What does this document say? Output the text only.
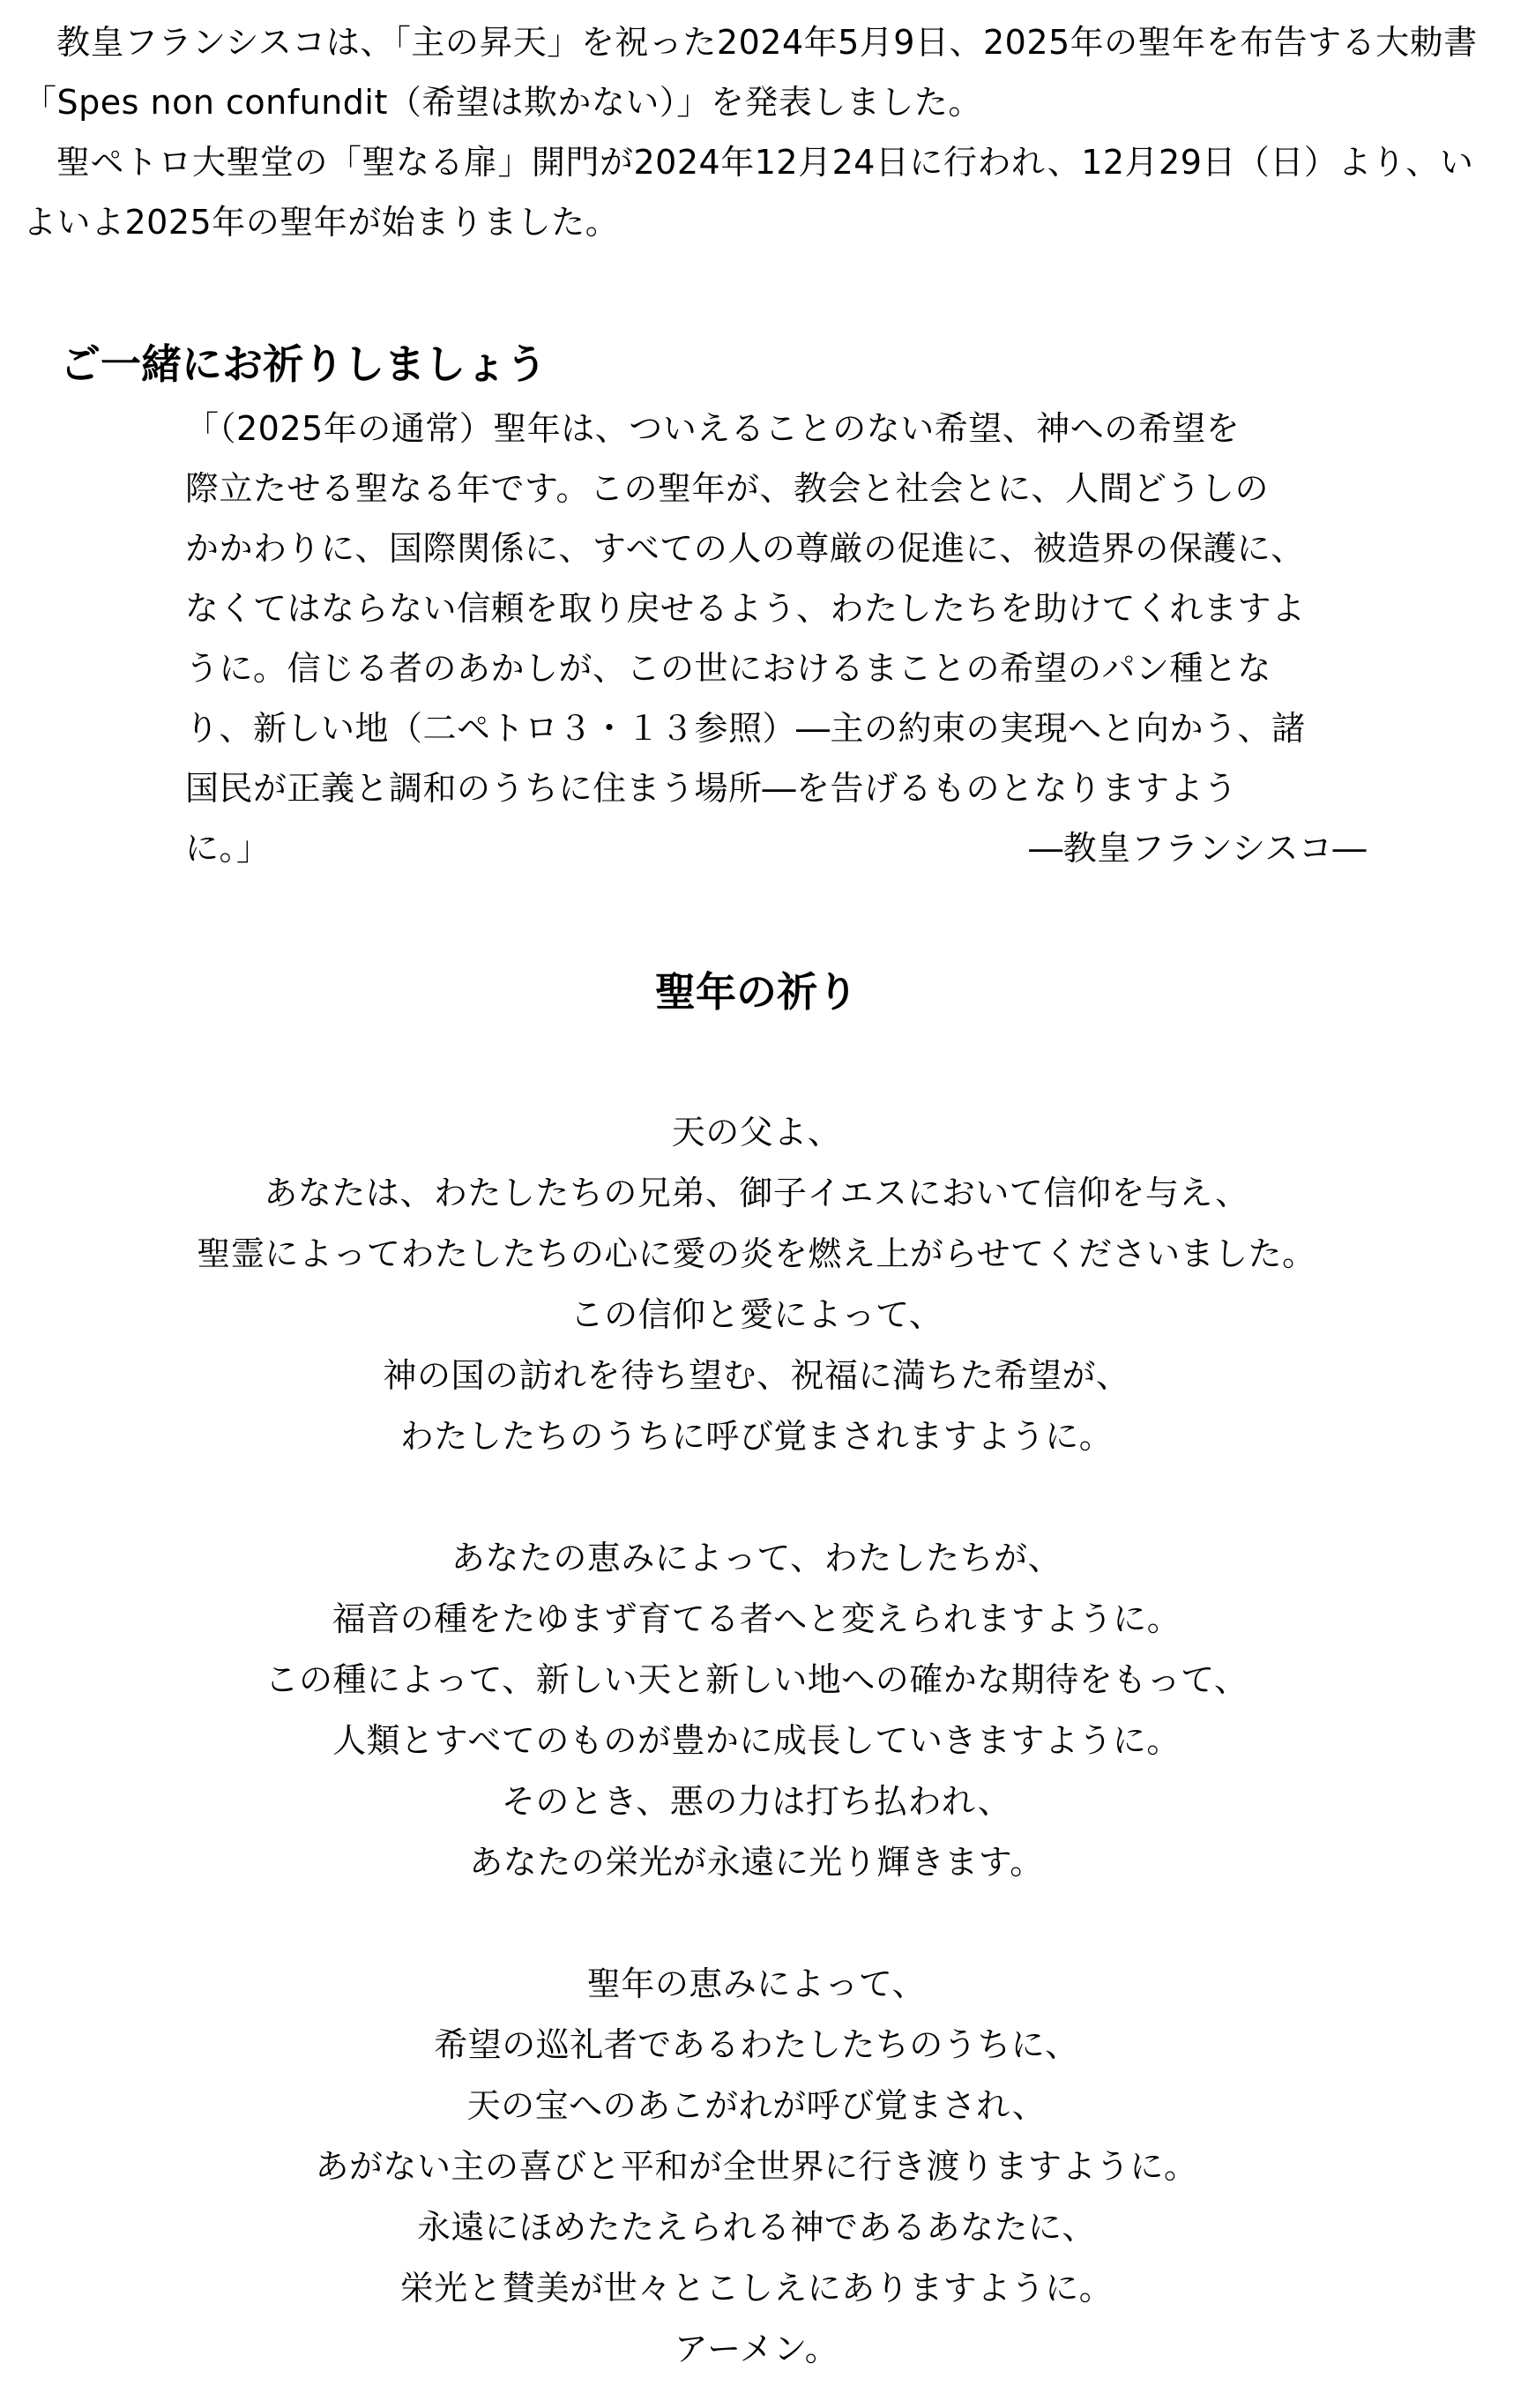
教皇フランシスコは、「主の昇天」を祝った2024年5月9日、2025年の聖年を布告する大勅書「Spes non confundit（希望は欺かない）」を発表しました。

聖ペトロ大聖堂の「聖なる扉」開門が2024年12月24日に行われ、12月29日（日）より、いよいよ2025年の聖年が始まりました。

ご一緒にお祈りしましょう
「（2025年の通常）聖年は、ついえることのない希望、神への希望を
際立たせる聖なる年です。この聖年が、教会と社会とに、人間どうしの
かかわりに、国際関係に、すべての人の尊厳の促進に、被造界の保護に、
なくてはならない信頼を取り戻せるよう、わたしたちを助けてくれますよ
うに。信じる者のあかしが、この世におけるまことの希望のパン種とな
り、新しい地（二ペトロ３・１３参照）―主の約束の実現へと向かう、諸
国民が正義と調和のうちに住まう場所―を告げるものとなりますよう
に。」	―教皇フランシスコ―
聖年の祈り

天の父よ、
あなたは、わたしたちの兄弟、御子イエスにおいて信仰を与え、
聖霊によってわたしたちの心に愛の炎を燃え上がらせてくださいました。
この信仰と愛によって、
神の国の訪れを待ち望む、祝福に満ちた希望が、
わたしたちのうちに呼び覚まされますように。

あなたの恵みによって、わたしたちが、
福音の種をたゆまず育てる者へと変えられますように。
この種によって、新しい天と新しい地への確かな期待をもって、
人類とすべてのものが豊かに成長していきますように。
そのとき、悪の力は打ち払われ、
あなたの栄光が永遠に光り輝きます。

聖年の恵みによって、
希望の巡礼者であるわたしたちのうちに、
天の宝へのあこがれが呼び覚まされ、
あがない主の喜びと平和が全世界に行き渡りますように。
永遠にほめたたえられる神であるあなたに、
栄光と賛美が世々とこしえにありますように。
アーメン。
